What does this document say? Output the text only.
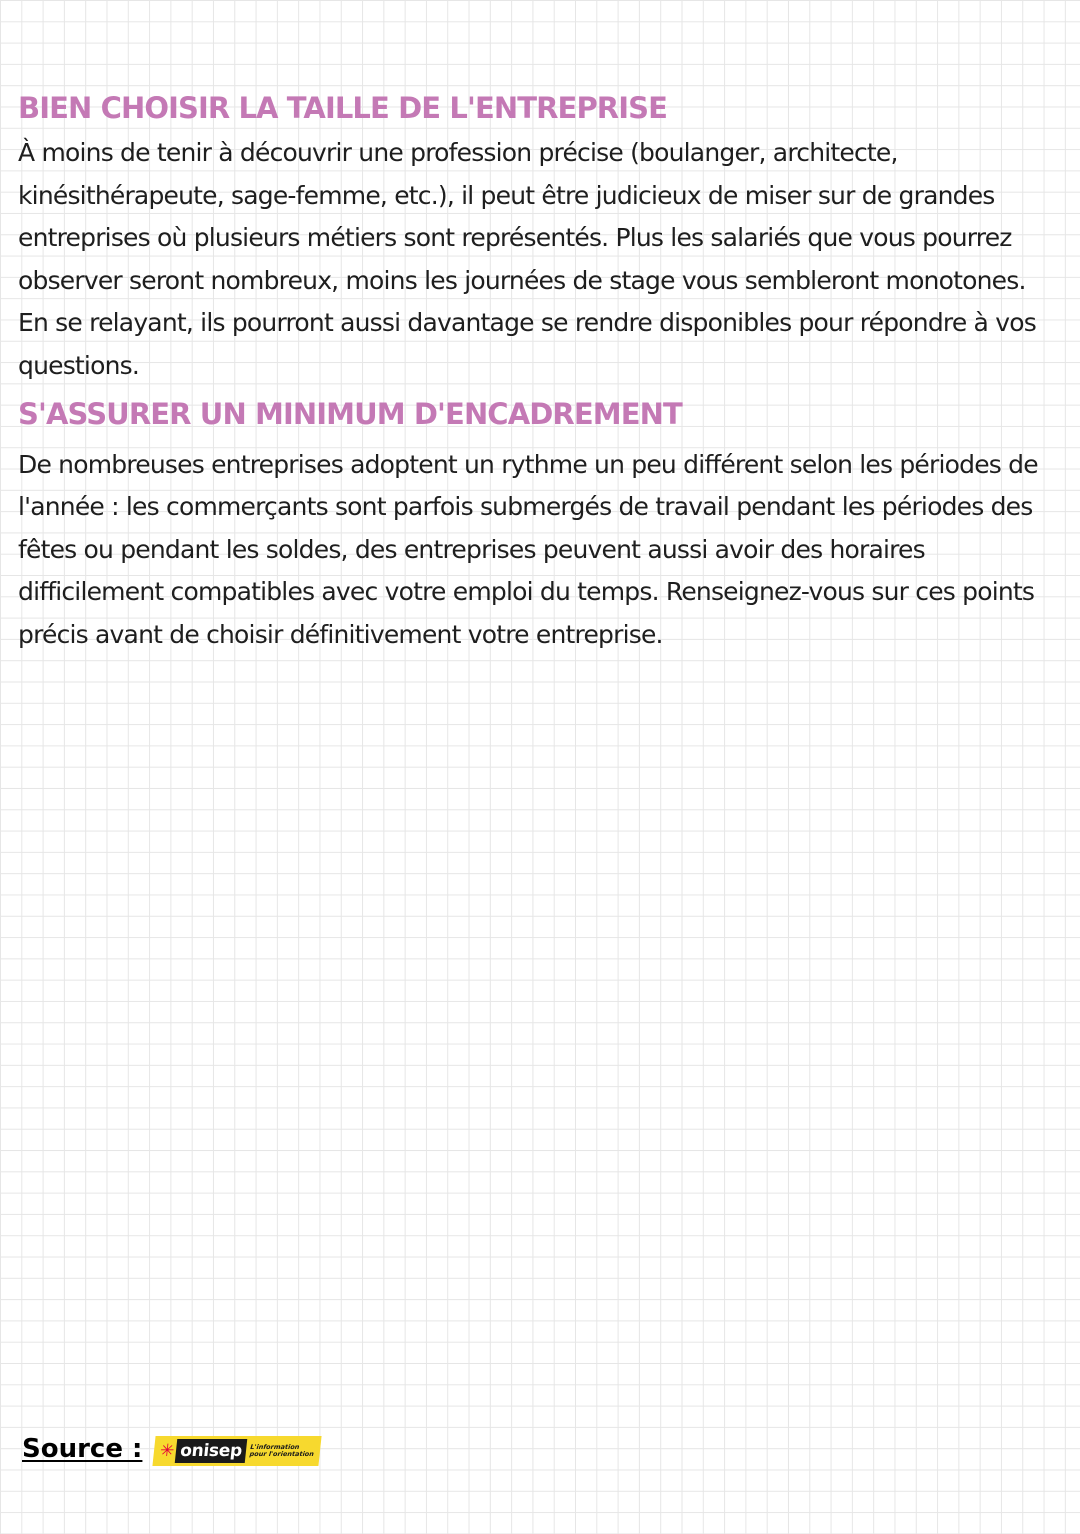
BIEN CHOISIR LA TAILLE DE L'ENTREPRISE

À moins de tenir à découvrir une profession précise (boulanger, architecte, kinésithérapeute, sage-femme, etc.), il peut être judicieux de miser sur de grandes entreprises où plusieurs métiers sont représentés. Plus les salariés que vous pourrez observer seront nombreux, moins les journées de stage vous sembleront monotones. En se relayant, ils pourront aussi davantage se rendre disponibles pour répondre à vos questions.

S'ASSURER UN MINIMUM D'ENCADREMENT

De nombreuses entreprises adoptent un rythme un peu différent selon les périodes de l'année : les commerçants sont parfois submergés de travail pendant les périodes des fêtes ou pendant les soldes, des entreprises peuvent aussi avoir des horaires difficilement compatibles avec votre emploi du temps. Renseignez-vous sur ces points précis avant de choisir définitivement votre entreprise.

Source : ✳ onisep	L'information
pour l'orientation
